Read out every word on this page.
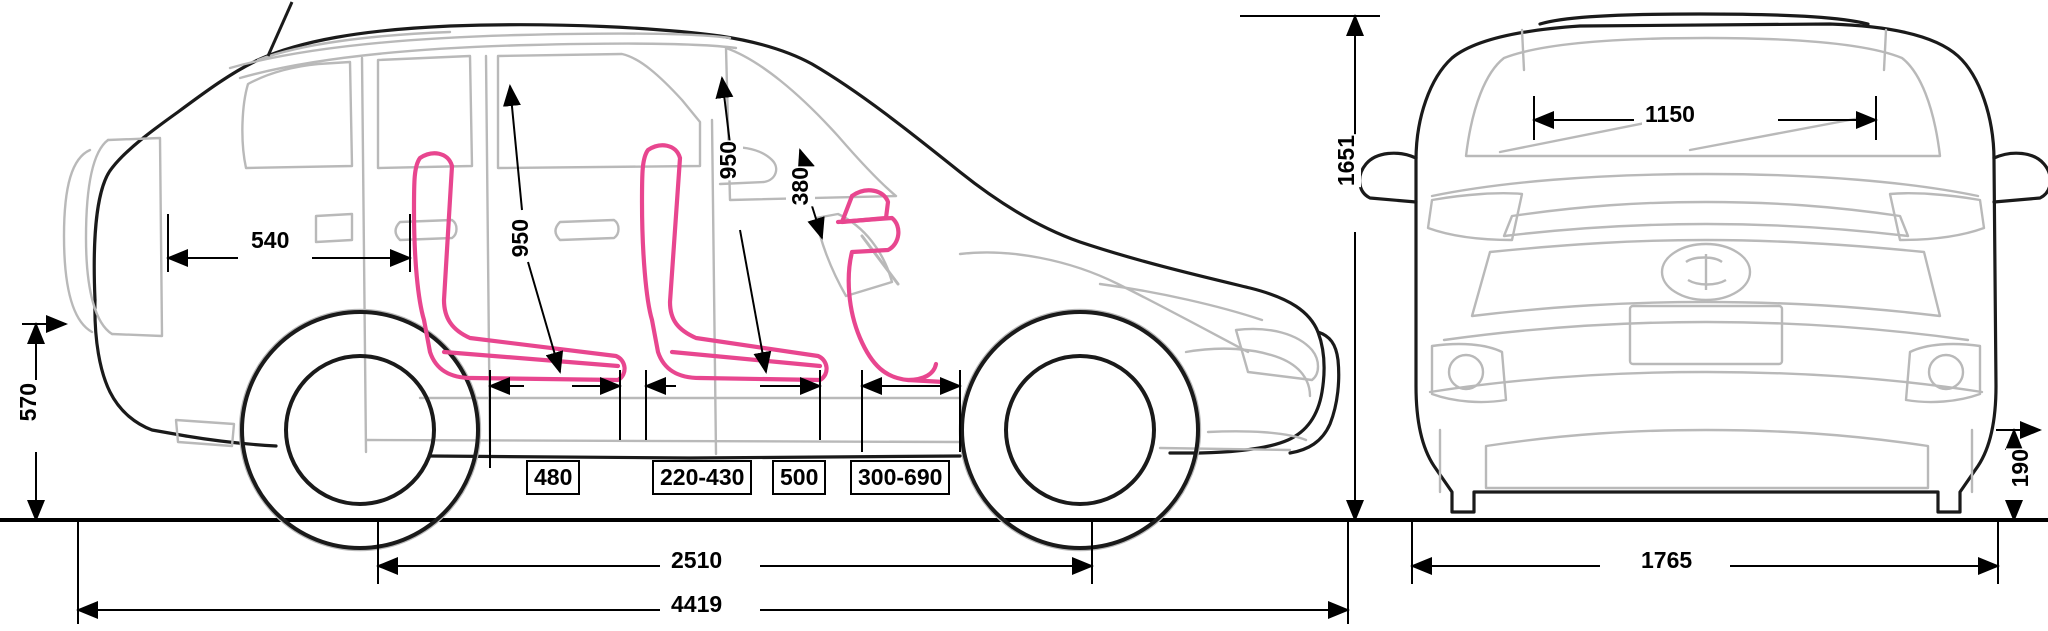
1651
540	950
950
380
480	220-430	500	300-690
570
2510
4419
1150
190
1765
